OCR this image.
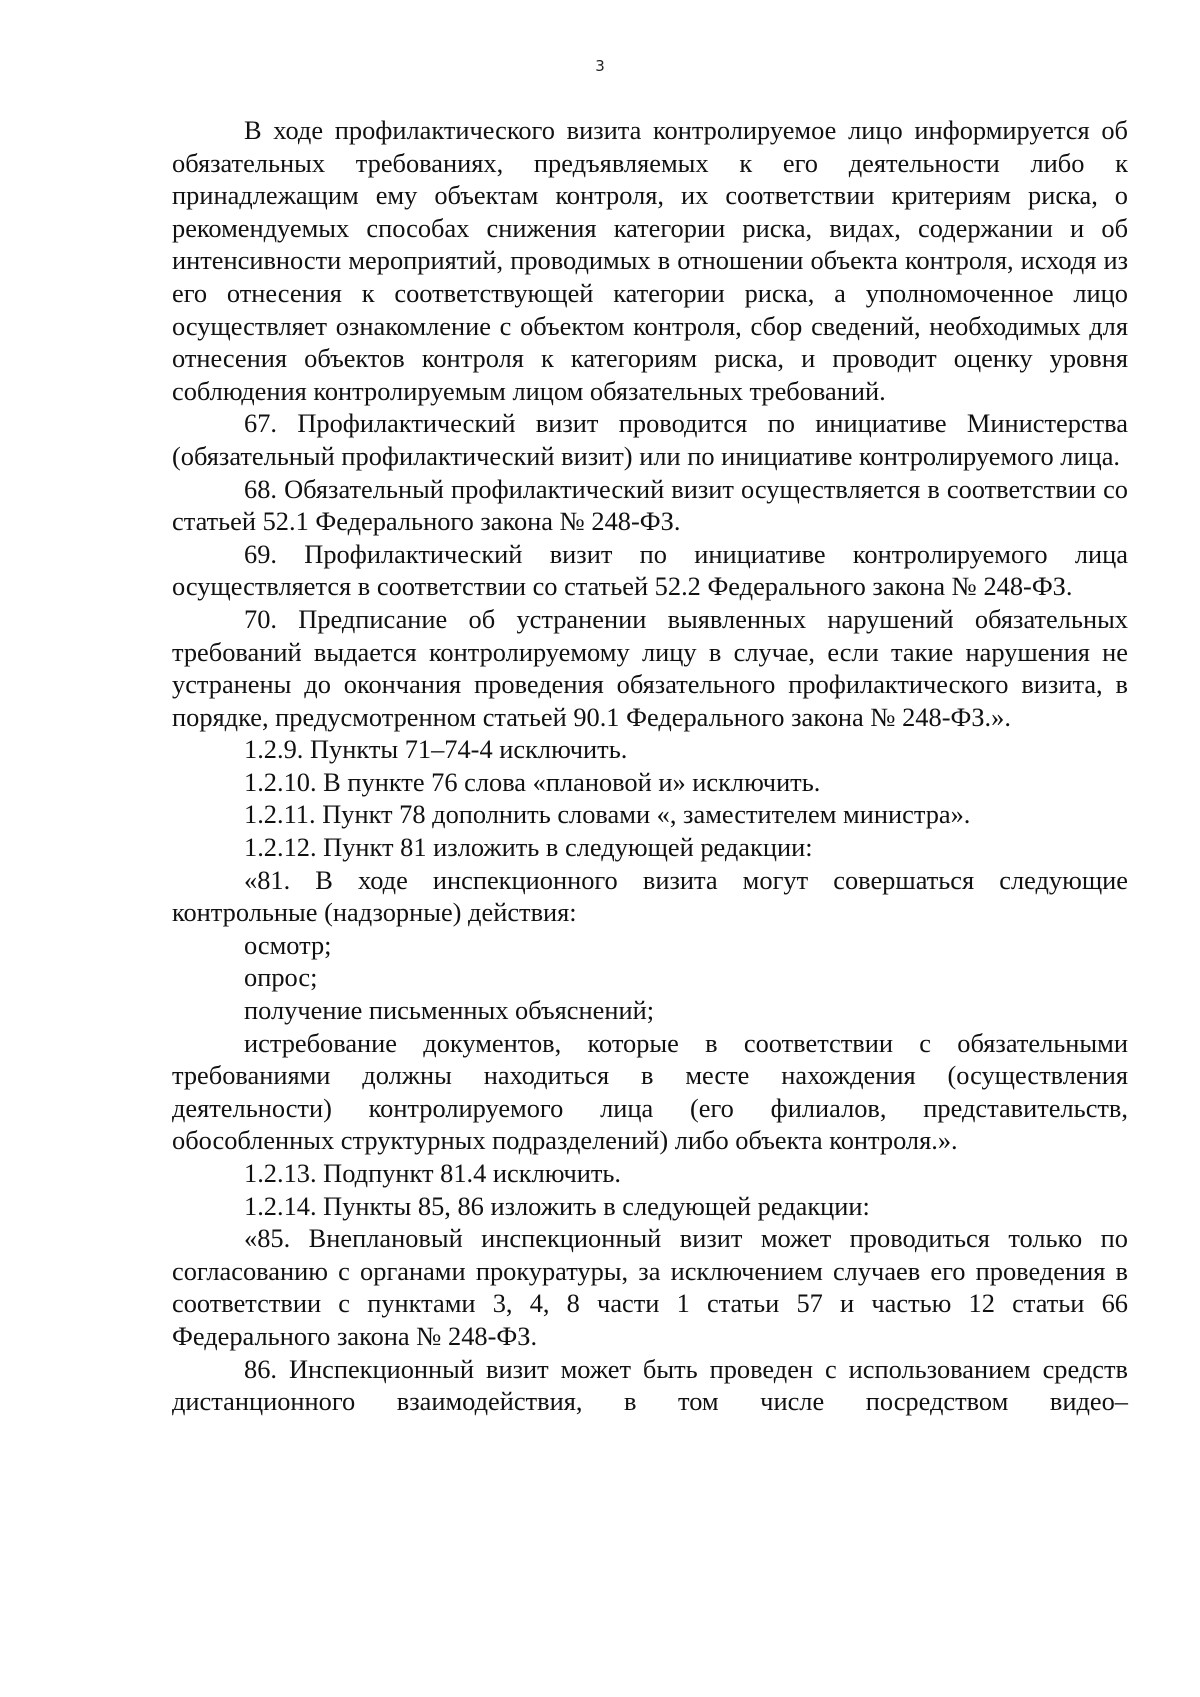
3

В ходе профилактического визита контролируемое лицо информируется об обязательных требованиях, предъявляемых к его деятельности либо к принадлежащим ему объектам контроля, их соответствии критериям риска, о рекомендуемых способах снижения категории риска, видах, содержании и об интенсивности мероприятий, проводимых в отношении объекта контроля, исходя из его отнесения к соответствующей категории риска, а уполномоченное лицо осуществляет ознакомление с объектом контроля, сбор сведений, необходимых для отнесения объектов контроля к категориям риска, и проводит оценку уровня соблюдения контролируемым лицом обязательных требований.

67. Профилактический визит проводится по инициативе Министерства (обязательный профилактический визит) или по инициативе контролируемого лица.

68. Обязательный профилактический визит осуществляется в соответствии со статьей 52.1 Федерального закона № 248-ФЗ.

69. Профилактический визит по инициативе контролируемого лица осуществляется в соответствии со статьей 52.2 Федерального закона № 248-ФЗ.

70. Предписание об устранении выявленных нарушений обязательных требований выдается контролируемому лицу в случае, если такие нарушения не устранены до окончания проведения обязательного профилактического визита, в порядке, предусмотренном статьей 90.1 Федерального закона № 248-ФЗ.».

1.2.9. Пункты 71–74-4 исключить.

1.2.10. В пункте 76 слова «плановой и» исключить.

1.2.11. Пункт 78 дополнить словами «, заместителем министра».

1.2.12. Пункт 81 изложить в следующей редакции:

«81. В ходе инспекционного визита могут совершаться следующие контрольные (надзорные) действия:

осмотр;

опрос;

получение письменных объяснений;

истребование документов, которые в соответствии с обязательными требованиями должны находиться в месте нахождения (осуществления деятельности) контролируемого лица (его филиалов, представительств, обособленных структурных подразделений) либо объекта контроля.».

1.2.13. Подпункт 81.4 исключить.

1.2.14. Пункты 85, 86 изложить в следующей редакции:

«85. Внеплановый инспекционный визит может проводиться только по согласованию с органами прокуратуры, за исключением случаев его проведения в соответствии с пунктами 3, 4, 8 части 1 статьи 57 и частью 12 статьи 66 Федерального закона № 248-ФЗ.

86. Инспекционный визит может быть проведен с использованием средств дистанционного взаимодействия, в том числе посредством видео–
